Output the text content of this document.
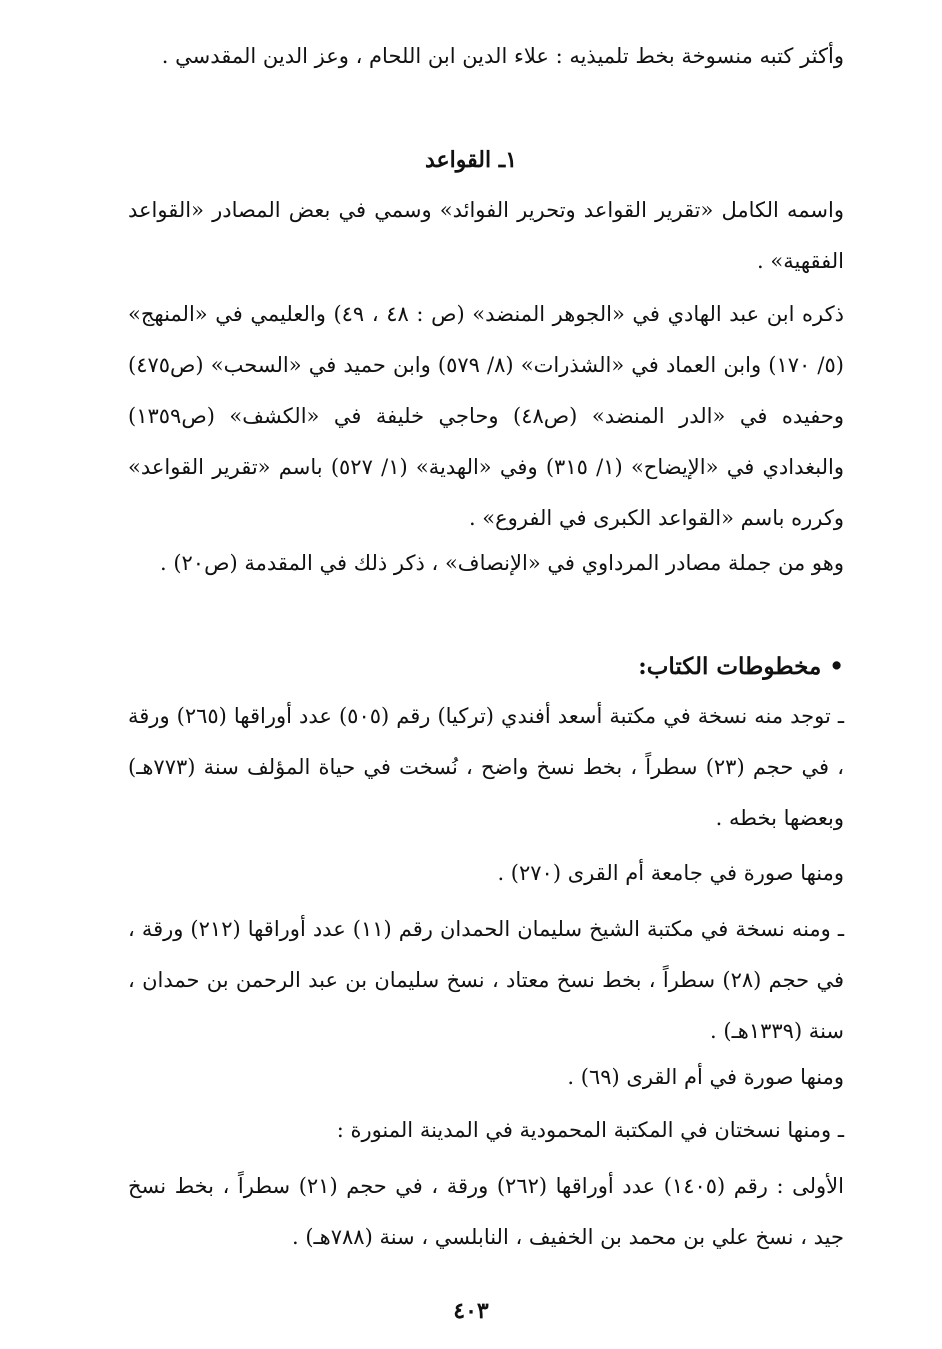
وأكثر كتبه منسوخة بخط تلميذيه : علاء الدين ابن اللحام ، وعز الدين المقدسي .

١ـ القواعد

واسمه الكامل «تقرير القواعد وتحرير الفوائد» وسمي في بعض المصادر «القواعد الفقهية» .

ذكره ابن عبد الهادي في «الجوهر المنضد» (ص : ٤٨ ، ٤٩) والعليمي في «المنهج» (٥/ ١٧٠) وابن العماد في «الشذرات» (٨/ ٥٧٩) وابن حميد في «السحب» (ص٤٧٥) وحفيده في «الدر المنضد» (ص٤٨) وحاجي خليفة في «الكشف» (ص١٣٥٩) والبغدادي في «الإيضاح» (١/ ٣١٥) وفي «الهدية» (١/ ٥٢٧) باسم «تقرير القواعد» وكرره باسم «القواعد الكبرى في الفروع» .

وهو من جملة مصادر المرداوي في «الإنصاف» ، ذكر ذلك في المقدمة (ص٢٠) .

• مخطوطات الكتاب:

ـ توجد منه نسخة في مكتبة أسعد أفندي (تركيا) رقم (٥٠٥) عدد أوراقها (٢٦٥) ورقة ، في حجم (٢٣) سطراً ، بخط نسخ واضح ، نُسخت في حياة المؤلف سنة (٧٧٣هـ) وبعضها بخطه .

ومنها صورة في جامعة أم القرى (٢٧٠) .

ـ ومنه نسخة في مكتبة الشيخ سليمان الحمدان رقم (١١) عدد أوراقها (٢١٢) ورقة ، في حجم (٢٨) سطراً ، بخط نسخ معتاد ، نسخ سليمان بن عبد الرحمن بن حمدان ، سنة (١٣٣٩هـ) .

ومنها صورة في أم القرى (٦٩) .

ـ ومنها نسختان في المكتبة المحمودية في المدينة المنورة :

الأولى : رقم (١٤٠٥) عدد أوراقها (٢٦٢) ورقة ، في حجم (٢١) سطراً ، بخط نسخ جيد ، نسخ علي بن محمد بن الخفيف ، النابلسي ، سنة (٧٨٨هـ) .

٤٠٣
